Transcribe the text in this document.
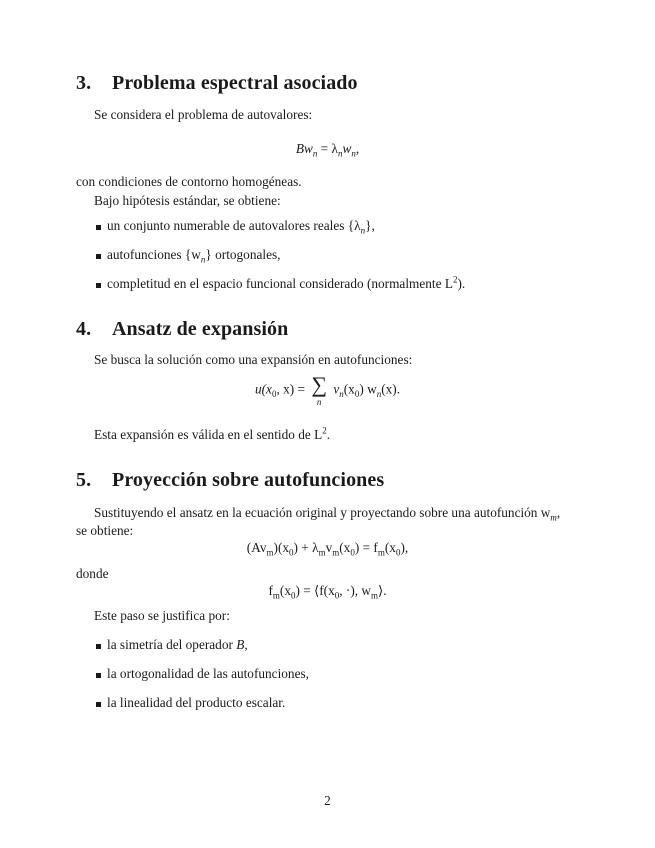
3. Problema espectral asociado

Se considera el problema de autovalores:

$Bw_n = \lambda_nw_n$,

con condiciones de contorno homogéneas.

Bajo hipótesis estándar, se obtiene:

un conjunto numerable de autovalores reales $\{\lambda_n\}$,

autofunciones $\{w_n\}$ ortogonales,

completitud en el espacio funcional considerado (normalmente $L^2$).

4. Ansatz de expansión

Se busca la solución como una expansión en autofunciones:

$u(x_0$, x) = ∑
n
$v_n(x_0)$ $w_n(x)$.

Esta expansión es válida en el sentido de $L^2$.

5. Proyección sobre autofunciones

Sustituyendo el ansatz en la ecuación original y proyectando sobre una autofunción $w_m$,

se obtiene:

$(Av_m)(x_0) + \lambda_mv_m(x_0) = f_m(x_0)$,

donde

$f_m(x_0)$ = $⟨f(x_0$, ·), $w_m⟩$.

Este paso se justifica por:

la simetría del operador B,

la ortogonalidad de las autofunciones,

la linealidad del producto escalar.

2
